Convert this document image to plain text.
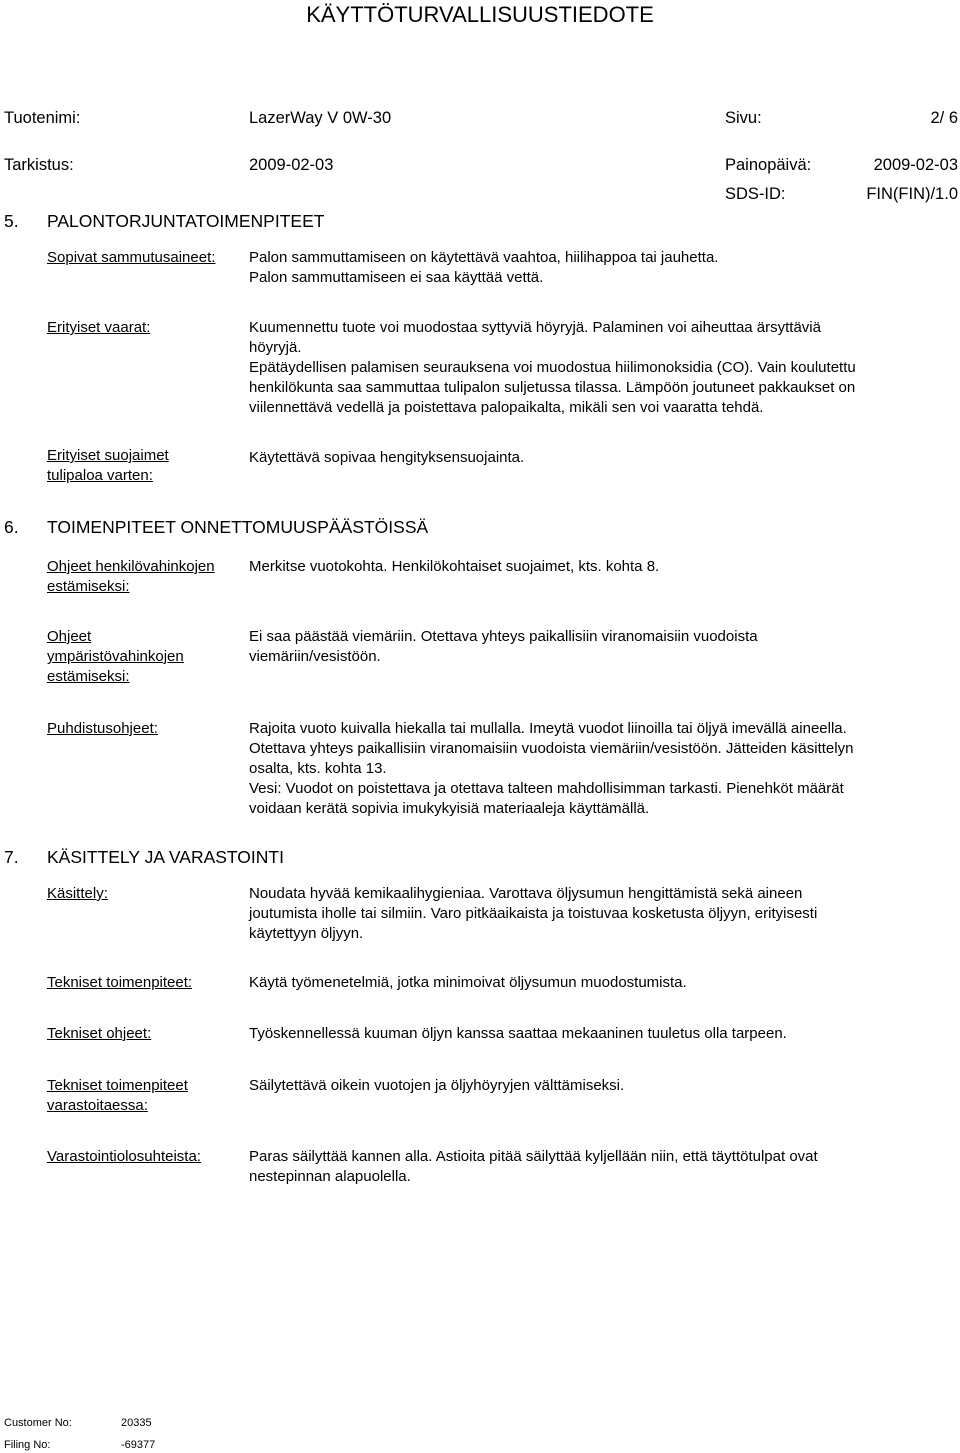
KÄYTTÖTURVALLISUUSTIEDOTE
Tuotenimi:	LazerWay V 0W-30	Sivu:	2/ 6
Tarkistus:	2009-02-03	Painopäivä:	2009-02-03
SDS-ID:	FIN(FIN)/1.0
5. PALONTORJUNTATOIMENPITEET
Sopivat sammutusaineet: Palon sammuttamiseen on käytettävä vaahtoa, hiilihappoa tai jauhetta.
Palon sammuttamiseen ei saa käyttää vettä.
Erityiset vaarat:	Kuumennettu tuote voi muodostaa syttyviä höyryjä. Palaminen voi aiheuttaa ärsyttäviä
höyryjä.
Epätäydellisen palamisen seurauksena voi muodostua hiilimonoksidia (CO). Vain koulutettu
henkilökunta saa sammuttaa tulipalon suljetussa tilassa. Lämpöön joutuneet pakkaukset on
viilennettävä vedellä ja poistettava palopaikalta, mikäli sen voi vaaratta tehdä.
Erityiset suojaimet
tulipaloa varten:
Käytettävä sopivaa hengityksensuojainta.
6. TOIMENPITEET ONNETTOMUUSPÄÄSTÖISSÄ
Ohjeet henkilövahinkojen
estämiseksi:
Merkitse vuotokohta. Henkilökohtaiset suojaimet, kts. kohta 8.
Ohjeet
ympäristövahinkojen
estämiseksi:
Ei saa päästää viemäriin. Otettava yhteys paikallisiin viranomaisiin vuodoista
viemäriin/vesistöön.
Puhdistusohjeet:	Rajoita vuoto kuivalla hiekalla tai mullalla. Imeytä vuodot liinoilla tai öljyä imevällä aineella.
Otettava yhteys paikallisiin viranomaisiin vuodoista viemäriin/vesistöön. Jätteiden käsittelyn
osalta, kts. kohta 13.
Vesi: Vuodot on poistettava ja otettava talteen mahdollisimman tarkasti. Pienehköt määrät
voidaan kerätä sopivia imukykyisiä materiaaleja käyttämällä.
7. KÄSITTELY JA VARASTOINTI
Käsittely:	Noudata hyvää kemikaalihygieniaa. Varottava öljysumun hengittämistä sekä aineen
joutumista iholle tai silmiin. Varo pitkäaikaista ja toistuvaa kosketusta öljyyn, erityisesti
käytettyyn öljyyn.
Tekniset toimenpiteet:	Käytä työmenetelmiä, jotka minimoivat öljysumun muodostumista.
Tekniset ohjeet:	Työskennellessä kuuman öljyn kanssa saattaa mekaaninen tuuletus olla tarpeen.
Tekniset toimenpiteet
varastoitaessa:
Säilytettävä oikein vuotojen ja öljyhöyryjen välttämiseksi.
Varastointiolosuhteista:	Paras säilyttää kannen alla. Astioita pitää säilyttää kyljellään niin, että täyttötulpat ovat
nestepinnan alapuolella.
Customer No:	20335
Filing No:	-69377
